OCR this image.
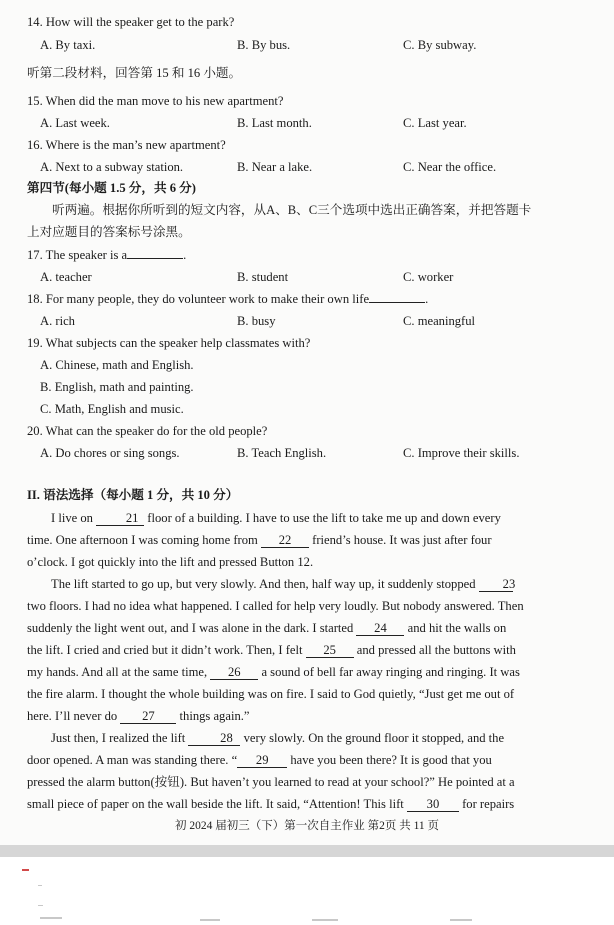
14. How will the speaker get to the park?
A. By taxi.	B. By bus.	C. By subway.
听第二段材料，回答第 15 和 16 小题。
15. When did the man move to his new apartment?
A. Last week.	B. Last month.	C. Last year.
16. Where is the man’s new apartment?
A. Next to a subway station.	B. Near a lake.	C. Near the office.
第四节(每小题 1.5 分，共 6 分)
听两遍。根据你所听到的短文内容，从A、B、C三个选项中选出正确答案，并把答题卡
上对应题目的答案标号涂黑。
17. The speaker is a	.
A. teacher	B. student	C. worker
18. For many people, they do volunteer work to make their own life	.
A. rich	B. busy	C. meaningful
19. What subjects can the speaker help classmates with?
A. Chinese, math and English.
B. English, math and painting.
C. Math, English and music.
20. What can the speaker do for the old people?
A. Do chores or sing songs.	B. Teach English.	C. Improve their skills.
II. 语法选择（每小题 1 分，共 10 分）
I live on	21 floor of a building. I have to use the lift to take me up and down every
time. One afternoon I was coming home from 22 friend’s house. It was just after four
o’clock. I got quickly into the lift and pressed Button 12.
The lift started to go up, but very slowly. And then, half way up, it suddenly stopped 23
two floors. I had no idea what happened. I called for help very loudly. But nobody answered. Then
suddenly the light went out, and I was alone in the dark. I started 24 and hit the walls on
the lift. I cried and cried but it didn’t work. Then, I felt 25 and pressed all the buttons with
my hands. And all at the same time, 26 a sound of bell far away ringing and ringing. It was
the fire alarm. I thought the whole building was on fire. I said to God quietly, “Just get me out of
here. I’ll never do 27 things again.”
Just then, I realized the lift	28 very slowly. On the ground floor it stopped, and the
door opened. A man was standing there. “ 29 have you been there? It is good that you
pressed the alarm button(按钮). But haven’t you learned to read at your school?” He pointed at a
small piece of paper on the wall beside the lift. It said, “Attention! This lift 30 for repairs
初 2024 届初三（下）第一次自主作业 第2页 共 11 页
